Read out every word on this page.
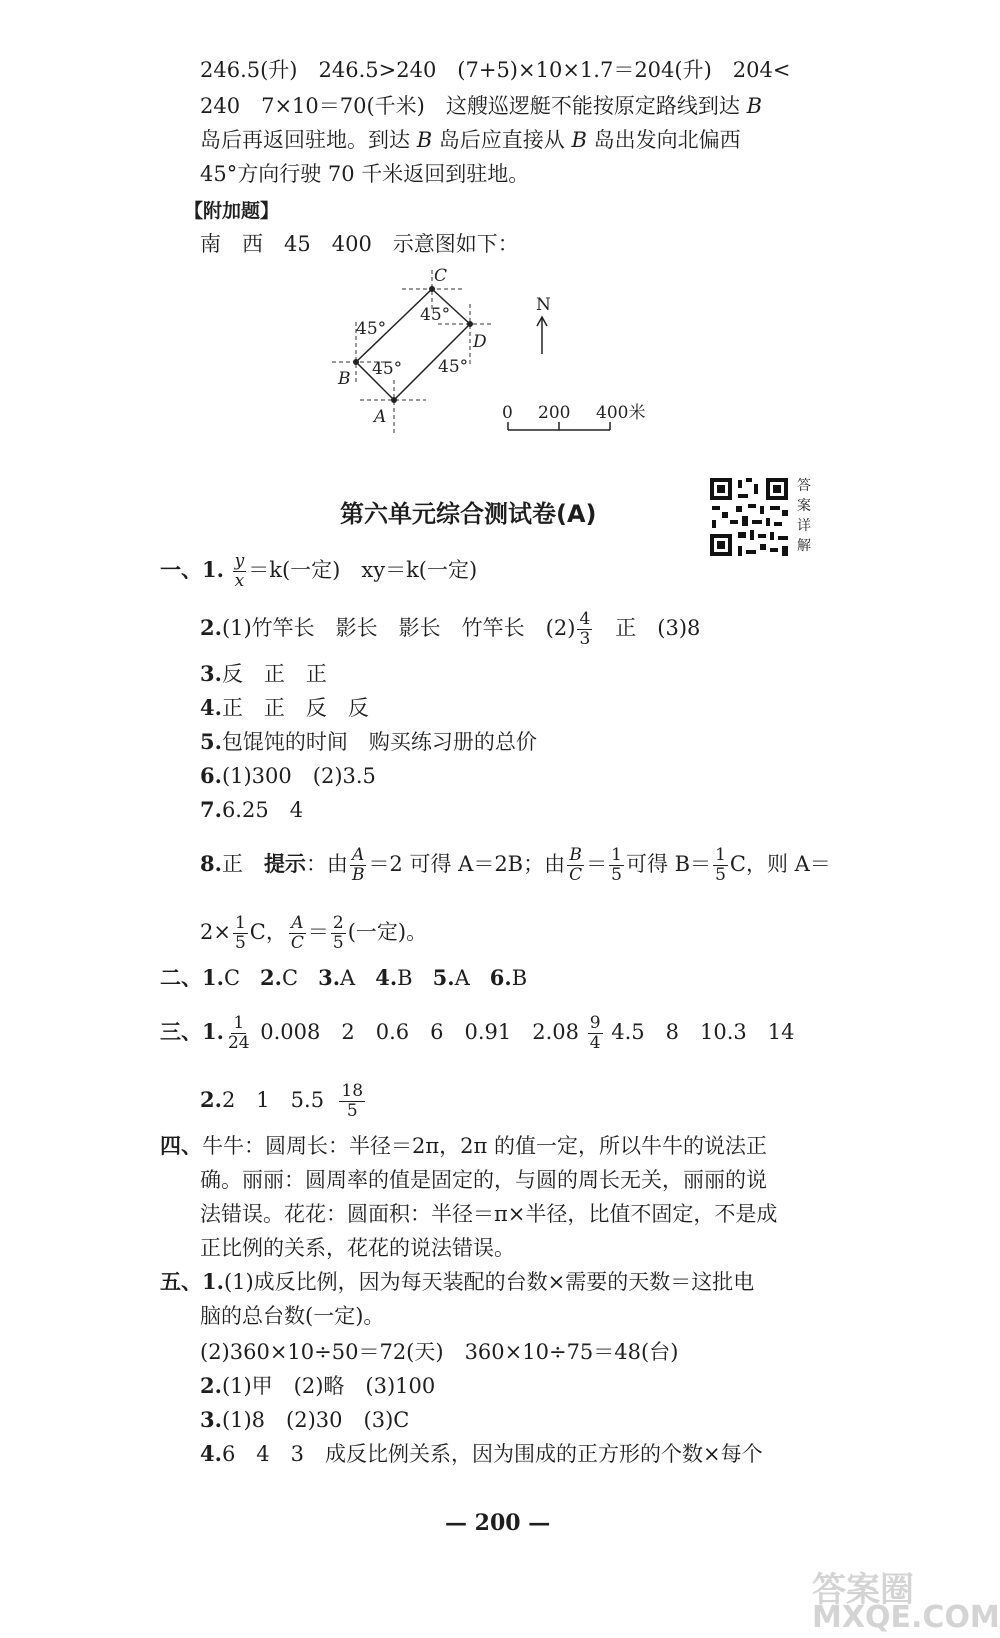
246.5(升)　246.5>240　(7+5)×10×1.7＝204(升)　204<
240　7×10＝70(千米)　这艘巡逻艇不能按原定路线到达 B
岛后再返回驻地。到达 B 岛后应直接从 B 岛出发向北偏西
45°方向行驶 70 千米返回到驻地。
【附加题】
南　西　45　400　示意图如下：
C
D
B
A
45°
45°
45°
45°
N
0 200 400米
第六单元综合测试卷(A)
答案详解
一、1. $\frac{y}{x} =k$(一定)　xy＝k(一定)
2.(1)竹竿长　影长　影长　竹竿长　$(2) \frac{4}{3}$ 　正　(3)8
3.反　正　正
4.正　正　反　反
5.包馄饨的时间　购买练习册的总价
6.(1)300　(2)3.5
7.6.25　4
8.正　提示：由 $\frac{A}{B} =2$ 可得 A＝2B；由 $\frac{B}{C} = \frac{1}{5}$ 可得 $B= \frac{1}{5}$ C，则 A＝
$2\times \frac{1}{5}$ C， $\frac{A}{C} = \frac{2}{5}$ (一定)。
二、1.C 2.C 3.A 4.B 5.A 6.B
三、1. $\frac{1}{24} 0.008$　2　0.6　6　0.91　$2.08 \frac{9}{4} 4.5$　8　10.3　14
2.2　1　$5.5 \frac{18}{5}$
四、牛牛：圆周长：半径＝2π，2π 的值一定，所以牛牛的说法正
确。丽丽：圆周率的值是固定的，与圆的周长无关，丽丽的说
法错误。花花：圆面积：半径＝π×半径，比值不固定，不是成
正比例的关系，花花的说法错误。
五、1.(1)成反比例，因为每天装配的台数×需要的天数＝这批电
脑的总台数(一定)。
(2)360×10÷50＝72(天)　360×10÷75＝48(台)
2.(1)甲　(2)略　(3)100
3.(1)8　(2)30　(3)C
4.6　4　3　成反比例关系，因为围成的正方形的个数×每个
— 200 —
答案圈
MXQE.COM
